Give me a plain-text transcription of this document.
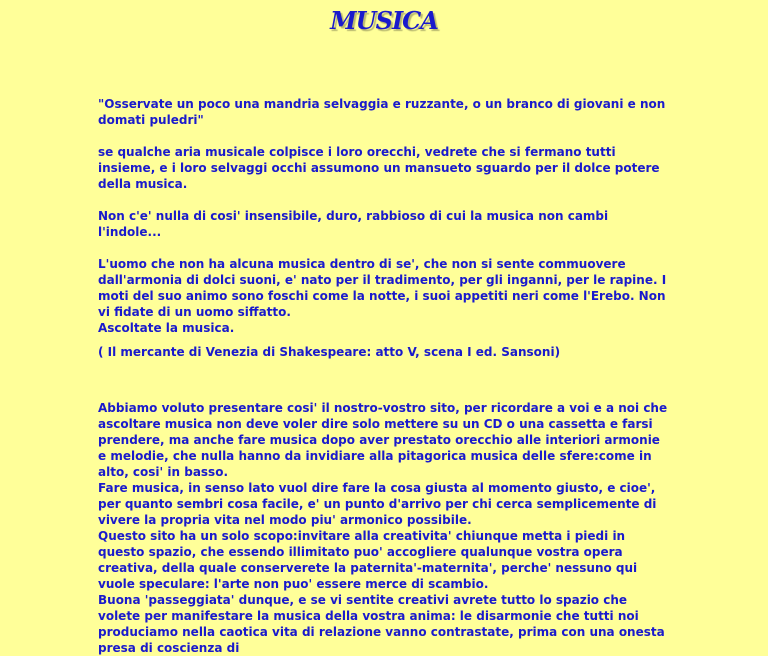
MUSICA

"Osservate un poco una mandria selvaggia e ruzzante, o un branco di giovani e non domati puledri"

se qualche aria musicale colpisce i loro orecchi, vedrete che si fermano tutti insieme, e i loro selvaggi occhi assumono un mansueto sguardo per il dolce potere della musica.

Non c'e' nulla di cosi' insensibile, duro, rabbioso di cui la musica non cambi l'indole...

L'uomo che non ha alcuna musica dentro di se', che non si sente commuovere dall'armonia di dolci suoni, e' nato per il tradimento, per gli inganni, per le rapine. I moti del suo animo sono foschi come la notte, i suoi appetiti neri come l'Erebo. Non vi fidate di un uomo siffatto.

Ascoltate la musica.

( Il mercante di Venezia di Shakespeare: atto V, scena I ed. Sansoni)

Abbiamo voluto presentare cosi' il nostro-vostro sito, per ricordare a voi e a noi che ascoltare musica non deve voler dire solo mettere su un CD o una cassetta e farsi prendere, ma anche fare musica dopo aver prestato orecchio alle interiori armonie e melodie, che nulla hanno da invidiare alla pitagorica musica delle sfere:come in alto, cosi' in basso.

Fare musica, in senso lato vuol dire fare la cosa giusta al momento giusto, e cioe', per quanto sembri cosa facile, e' un punto d'arrivo per chi cerca semplicemente di vivere la propria vita nel modo piu' armonico possibile.

Questo sito ha un solo scopo:invitare alla creativita' chiunque metta i piedi in questo spazio, che essendo illimitato puo' accogliere qualunque vostra opera creativa, della quale conserverete la paternita'-maternita', perche' nessuno qui vuole speculare: l'arte non puo' essere merce di scambio.

Buona 'passeggiata' dunque, e se vi sentite creativi avrete tutto lo spazio che volete per manifestare la musica della vostra anima: le disarmonie che tutti noi produciamo nella caotica vita di relazione vanno contrastate, prima con una onesta presa di coscienza di
